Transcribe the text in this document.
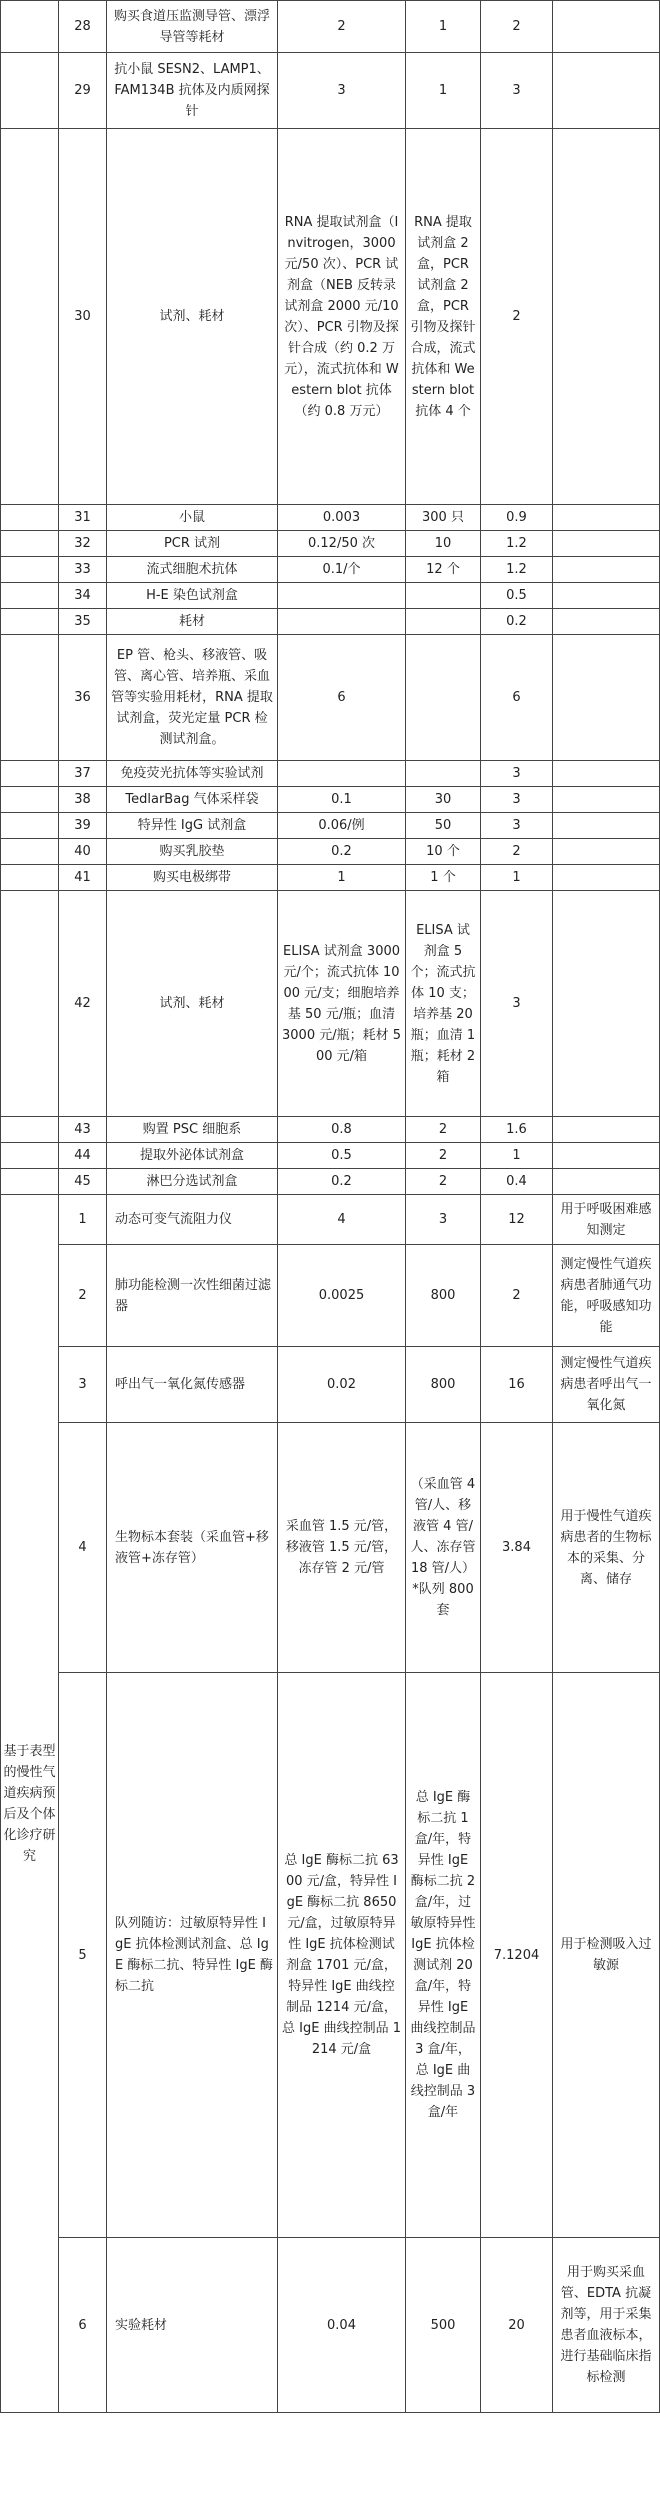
	28	购买食道压监测导管、漂浮导管等耗材	2	1	2	
	29	抗小鼠 SESN2、LAMP1、FAM134B 抗体及内质网探针	3	1	3	
	30	试剂、耗材	RNA 提取试剂盒（Invitrogen，3000 元/50 次）、PCR 试剂盒（NEB 反转录试剂盒 2000 元/10 次）、PCR 引物及探针合成（约 0.2 万元），流式抗体和 Western blot 抗体（约 0.8 万元）	RNA 提取试剂盒 2 盒，PCR 试剂盒 2 盒，PCR 引物及探针合成，流式抗体和 Western blot 抗体 4 个	2	
	31	小鼠	0.003	300 只	0.9	
	32	PCR 试剂	0.12/50 次	10	1.2	
	33	流式细胞术抗体	0.1/个	12 个	1.2	
	34	H-E 染色试剂盒			0.5	
	35	耗材			0.2	
	36	EP 管、枪头、移液管、吸管、离心管、培养瓶、采血管等实验用耗材，RNA 提取试剂盒，荧光定量 PCR 检测试剂盒。	6		6	
	37	免疫荧光抗体等实验试剂			3	
	38	TedlarBag 气体采样袋	0.1	30	3	
	39	特异性 IgG 试剂盒	0.06/例	50	3	
	40	购买乳胶垫	0.2	10 个	2	
	41	购买电极绑带	1	1 个	1	
	42	试剂、耗材	ELISA 试剂盒 3000 元/个；流式抗体 1000 元/支；细胞培养基 50 元/瓶；血清 3000 元/瓶；耗材 500 元/箱	ELISA 试剂盒 5 个；流式抗体 10 支；培养基 20 瓶；血清 1 瓶；耗材 2 箱	3	
	43	购置 PSC 细胞系	0.8	2	1.6	
	44	提取外泌体试剂盒	0.5	2	1	
	45	淋巴分选试剂盒	0.2	2	0.4	
基于表型的慢性气道疾病预后及个体化诊疗研究	1	动态可变气流阻力仪	4	3	12	用于呼吸困难感知测定
	2	肺功能检测一次性细菌过滤器	0.0025	800	2	测定慢性气道疾病患者肺通气功能，呼吸感知功能
	3	呼出气一氧化氮传感器	0.02	800	16	测定慢性气道疾病患者呼出气一氧化氮
	4	生物标本套装（采血管+移液管+冻存管）	采血管 1.5 元/管，移液管 1.5 元/管，冻存管 2 元/管	（采血管 4 管/人、移液管 4 管/人、冻存管 18 管/人）*队列 800 套	3.84	用于慢性气道疾病患者的生物标本的采集、分离、储存
	5	队列随访：过敏原特异性 IgE 抗体检测试剂盒、总 IgE 酶标二抗、特异性 IgE 酶标二抗	总 IgE 酶标二抗 6300 元/盒，特异性 IgE 酶标二抗 8650 元/盒，过敏原特异性 IgE 抗体检测试剂盒 1701 元/盒，特异性 IgE 曲线控制品 1214 元/盒，总 IgE 曲线控制品 1214 元/盒	总 IgE 酶标二抗 1 盒/年，特异性 IgE 酶标二抗 2 盒/年，过敏原特异性 IgE 抗体检测试剂 20 盒/年，特异性 IgE 曲线控制品 3 盒/年，总 IgE 曲线控制品 3 盒/年	7.1204	用于检测吸入过敏源
	6	实验耗材	0.04	500	20	用于购买采血管、EDTA 抗凝剂等，用于采集患者血液标本，进行基础临床指标检测
